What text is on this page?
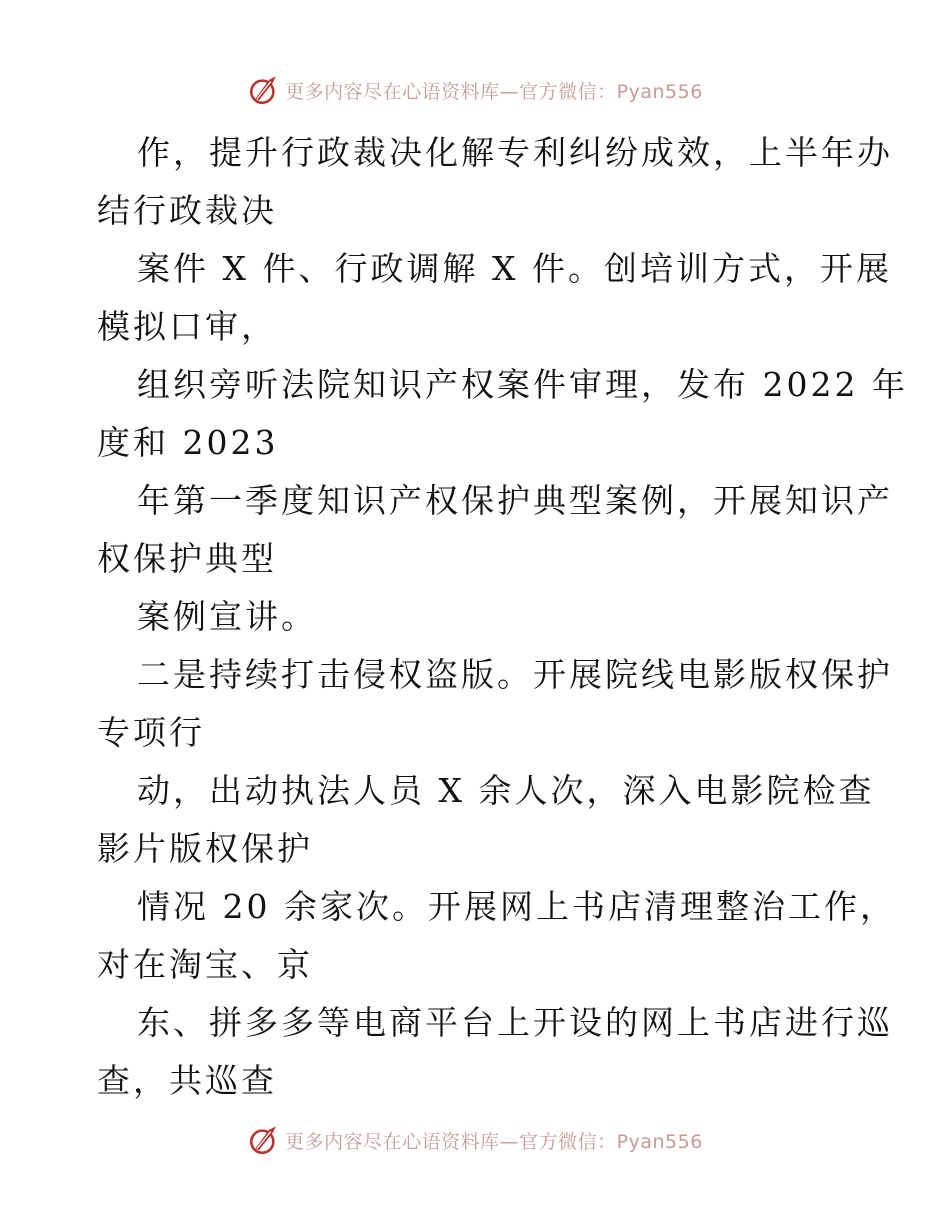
更多内容尽在心语资料库—官方微信：Pyan556

作，提升行政裁决化解专利纠纷成效，上半年办

结行政裁决

案件 X 件、行政调解 X 件。创培训方式，开展

模拟口审，

组织旁听法院知识产权案件审理，发布 2022 年

度和 2023

年第一季度知识产权保护典型案例，开展知识产

权保护典型

案例宣讲。

二是持续打击侵权盗版。开展院线电影版权保护

专项行

动，出动执法人员 X 余人次，深入电影院检查

影片版权保护

情况 20 余家次。开展网上书店清理整治工作，

对在淘宝、京

东、拼多多等电商平台上开设的网上书店进行巡

查，共巡查

更多内容尽在心语资料库—官方微信：Pyan556
